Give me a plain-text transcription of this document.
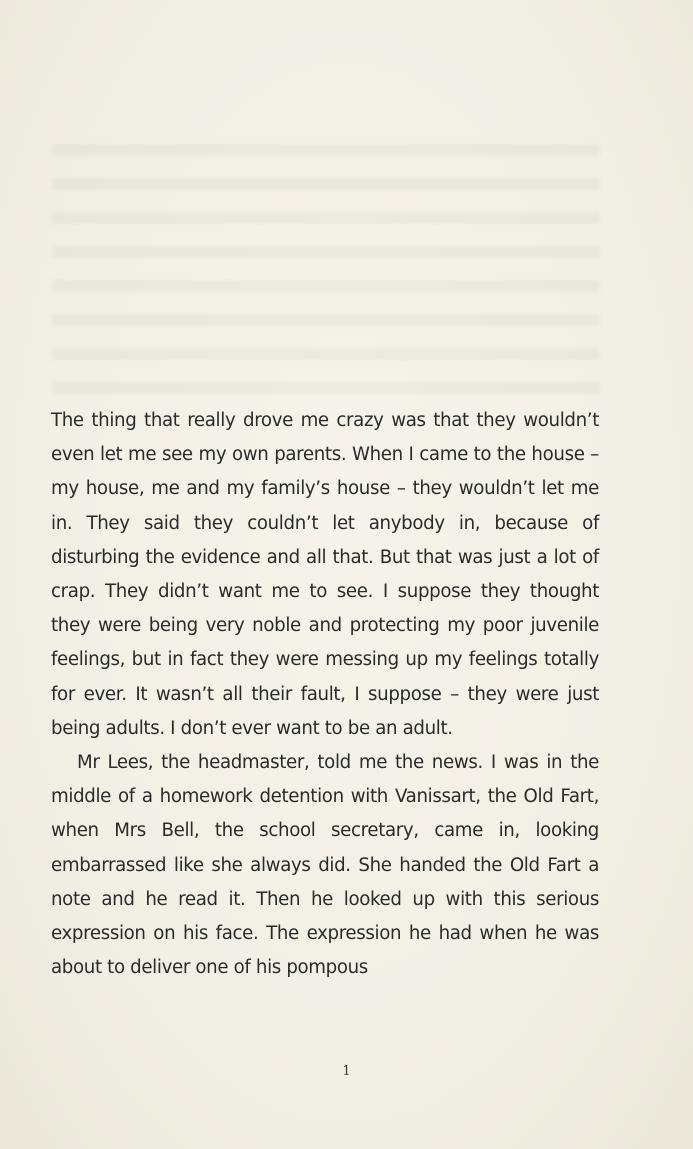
The thing that really drove me crazy was that they wouldn’t even let me see my own parents. When I came to the house – my house, me and my family’s house – they wouldn’t let me in. They said they couldn’t let anybody in, because of disturbing the evidence and all that. But that was just a lot of crap. They didn’t want me to see. I suppose they thought they were being very noble and protecting my poor juvenile feelings, but in fact they were messing up my feelings totally for ever. It wasn’t all their fault, I suppose – they were just being adults. I don’t ever want to be an adult.

Mr Lees, the headmaster, told me the news. I was in the middle of a homework detention with Vanissart, the Old Fart, when Mrs Bell, the school secretary, came in, looking embarrassed like she always did. She handed the Old Fart a note and he read it. Then he looked up with this serious expression on his face. The expression he had when he was about to deliver one of his pompous

1
